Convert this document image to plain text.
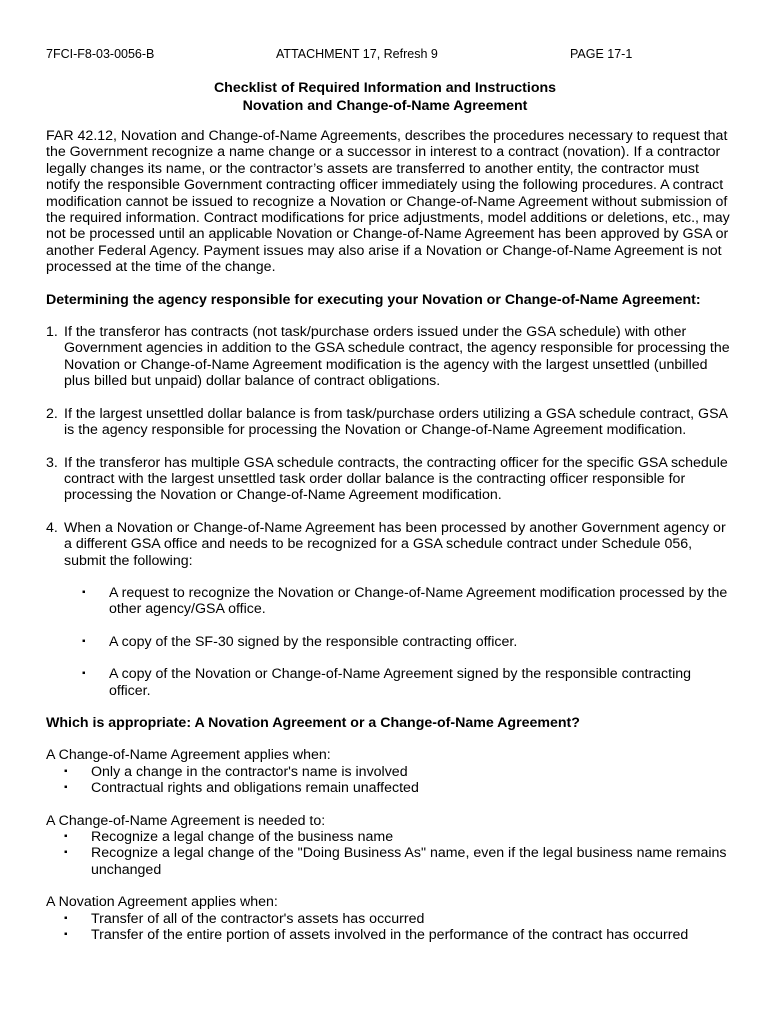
7FCI-F8-03-0056-B	ATTACHMENT 17, Refresh 9	PAGE 17-1
Checklist of Required Information and Instructions
Novation and Change-of-Name Agreement

FAR 42.12, Novation and Change-of-Name Agreements, describes the procedures necessary to request that the Government recognize a name change or a successor in interest to a contract (novation). If a contractor legally changes its name, or the contractor’s assets are transferred to another entity, the contractor must notify the responsible Government contracting officer immediately using the following procedures. A contract modification cannot be issued to recognize a Novation or Change-of-Name Agreement without submission of the required information. Contract modifications for price adjustments, model additions or deletions, etc., may not be processed until an applicable Novation or Change-of-Name Agreement has been approved by GSA or another Federal Agency. Payment issues may also arise if a Novation or Change-of-Name Agreement is not processed at the time of the change.

Determining the agency responsible for executing your Novation or Change-of-Name Agreement:

1. If the transferor has contracts (not task/purchase orders issued under the GSA schedule) with other Government agencies in addition to the GSA schedule contract, the agency responsible for processing the Novation or Change-of-Name Agreement modification is the agency with the largest unsettled (unbilled plus billed but unpaid) dollar balance of contract obligations.
2. If the largest unsettled dollar balance is from task/purchase orders utilizing a GSA schedule contract, GSA is the agency responsible for processing the Novation or Change-of-Name Agreement modification.
3. If the transferor has multiple GSA schedule contracts, the contracting officer for the specific GSA schedule contract with the largest unsettled task order dollar balance is the contracting officer responsible for processing the Novation or Change-of-Name Agreement modification.
4. When a Novation or Change-of-Name Agreement has been processed by another Government agency or a different GSA office and needs to be recognized for a GSA schedule contract under Schedule 056, submit the following:
▪ A request to recognize the Novation or Change-of-Name Agreement modification processed by the other agency/GSA office.
▪ A copy of the SF-30 signed by the responsible contracting officer.
▪ A copy of the Novation or Change-of-Name Agreement signed by the responsible contracting officer.

Which is appropriate: A Novation Agreement or a Change-of-Name Agreement?

A Change-of-Name Agreement applies when:

▪ Only a change in the contractor's name is involved
▪ Contractual rights and obligations remain unaffected

A Change-of-Name Agreement is needed to:

▪ Recognize a legal change of the business name
▪ Recognize a legal change of the "Doing Business As" name, even if the legal business name remains unchanged

A Novation Agreement applies when:

▪ Transfer of all of the contractor's assets has occurred
▪ Transfer of the entire portion of assets involved in the performance of the contract has occurred
